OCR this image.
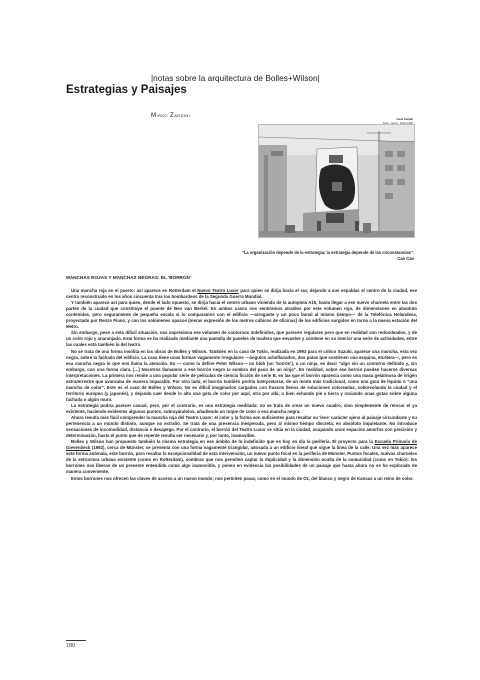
|notas sobre la arquitectura de Bolles+Wilson|
Estrategias y Paisajes
Mirko Zardini	Casa Suzuki
Tokio, Japón, 1993-1996
"La organización depende de la estrategia; la estrategia depende de las circunstancias".
Cao Cao
MANCHAS ROJAS Y MANCHAS NEGRAS: EL 'BORRÓN'

Una mancha roja en el puerto: así aparece en Rotterdam el Nuevo Teatro Luxor para quien se dirija hacia el sur, dejando a sus espaldas el centro de la ciudad, ese centro reconstruido en los años cincuenta tras los bombardeos de la Segunda Guerra Mundial.

Y también aparece así para quien, desde el lado opuesto, se dirija hacia el centro urbano viniendo de la autopista A15, hasta llegar a ese nuevo charnela entre las dos partes de la ciudad que constituye el puente de Ben van Berkel. En ambos casos nos sentiremos atraídos por este volumen rojo, de dimensiones en absoluto contenidas, pero seguramente de pequeña escala si lo comparamos con el edificio —arrogante y un poco banal al mismo tiempo— de la Telefónica Holandesa, proyectado por Renzo Piano, y con los volúmenes opacos (meras expresión de los metros cúbicos de oficinas) de los edificios surgidos en torno a la nueva estación del Metro.

Sin embargo, pese a esta difícil situación, nos impresiona ese volumen de contornos indefinidos, que parecen regulares pero que en realidad son redondeados, y de un color rojo y anaranjado. Esta forma se ha realizado mediante una pantalla de paneles de madera que envuelve y contiene en su interior una serie de actividades, entre las cuales está también la del teatro.

No se trata de una forma insólita en las obras de Bolles y Wilson. También en la casa de Tokio, realizada en 1993 para el crítico Suzuki, aparece una mancha, esta vez negra, sobre la fachada del edificio. La casa tiene unas formas vagamente irregulares —ángulos achaflanados, dos patas que sostienen una esquina, etcétera—, pero es esa mancha negra lo que nos llama la atención. Es — como la define Peter Wilson— un blob (un 'borrón'), o un ninja, es decir "algo sin un contorno definido y, sin embargo, con una forma clara. [...] Nosotros llamamos a ese borrón negro la sombra del paso de un ninja". En realidad, sobre ese borrón pueden hacerse diversas interpretaciones. La primera nos remite a una popular serie de películas de ciencia ficción de serie B, en las que el borrón aparecía como una masa gelatinosa de origen extraterrestre que avanzaba de manera imparable. Por otro lado, el borrón también podría interpretarse, de un modo más tradicional, como una gota de líquido o "una mancha de color". Este es el caso de Bolles y Wilson. No es difícil imaginarlos cargados con frascos llenos de soluciones coloreadas, sobrevolando la ciudad y el territorio europeo (y japonés), y dejando caer desde lo alto una gota de color por aquí, otra por allá; o bien echando pie a tierra y rociando unas gotas sobre alguna fachada o algún muro.

La estrategia podría parecer casual, pero, por el contrario, es una estrategia meditada: no se trata de crear un nuevo cuadro, sino simplemente de retocar el ya existente, haciendo evidentes algunos puntos, subrayándolos, añadiendo un toque de color o esa mancha negra.

Ahora resulta más fácil comprender la mancha roja del Teatro Luxor: el color y la forma son suficientes para resaltar su 'leve' carácter ajeno al paisaje circundante y su pertenencia a un mundo distinto, aunque no extraño. Se trata de una presencia inesperada, pero al mismo tiempo discreta, en absoluto inquietante. No introduce sensaciones de incomodidad, distancia o desapego. Por el contrario, el borrón del Teatro Luxor se sitúa en la ciudad, ocupando unos espacios amorfos con precisión y determinación, hasta el punto que de repente resulta ser necesario y, por tanto, inamovible.

Bolles y Wilson han propuesto también la misma estrategia en ese ámbito de lo indefinido que es hoy en día la periferia. El proyecto para la Escuela Primaria de Gievenbeck (1992), cerca de Münster, se presenta con una forma vagamente triangular, adosada a un edificio lineal que sigue la línea de la calle. Una vez más aparece esta forma anómala, este borrón, para resaltar la excepcionalidad de esta intervención, un nuevo punto focal en la periferia de Münster. Puntos focales, nuevas charnelas de la estructura urbana existente (como en Rotterdam), sombras que nos permiten captar la duplicidad y la dimensión oculta de la comunidad (como en Tokio): los borrones nos liberan de un presente entendido como algo inamovible, y ponen en evidencia las posibilidades de un paisaje que hasta ahora no se ha explorado de manera conveniente.

Estos borrones nos ofrecen las claves de acceso a un nuevo mundo; nos permiten pasar, como en el mundo de Oz, del blanco y negro de Kansas a un reino de color.

180
